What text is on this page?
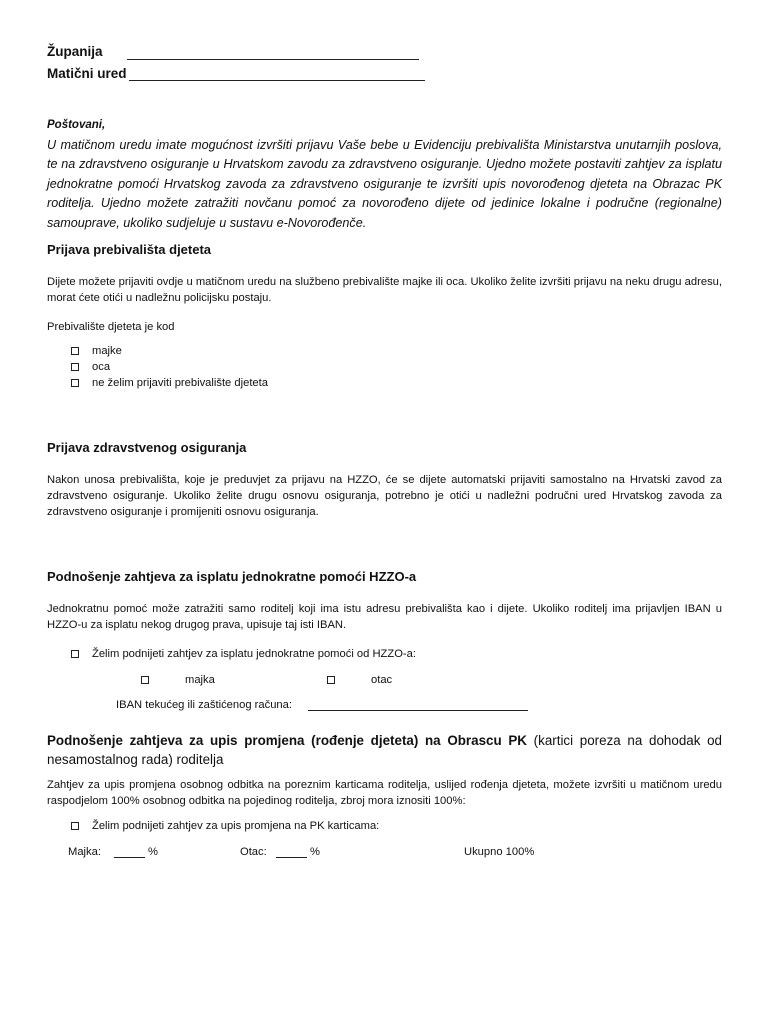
Županija
Matični ured
Poštovani,
U matičnom uredu imate mogućnost izvršiti prijavu Vaše bebe u Evidenciju prebivališta Ministarstva unutarnjih poslova, te na zdravstveno osiguranje u Hrvatskom zavodu za zdravstveno osiguranje. Ujedno možete postaviti zahtjev za isplatu jednokratne pomoći Hrvatskog zavoda za zdravstveno osiguranje te izvršiti upis novorođenog djeteta na Obrazac PK roditelja. Ujedno možete zatražiti novčanu pomoć za novorođeno dijete od jedinice lokalne i područne (regionalne) samouprave, ukoliko sudjeluje u sustavu e-Novorođenče.
Prijava prebivališta djeteta
Dijete možete prijaviti ovdje u matičnom uredu na službeno prebivalište majke ili oca. Ukoliko želite izvršiti prijavu na neku drugu adresu, morat ćete otići u nadležnu policijsku postaju.
Prebivalište djeteta je kod
majke
oca
ne želim prijaviti prebivalište djeteta
Prijava zdravstvenog osiguranja
Nakon unosa prebivališta, koje je preduvjet za prijavu na HZZO, će se dijete automatski prijaviti samostalno na Hrvatski zavod za zdravstveno osiguranje. Ukoliko želite drugu osnovu osiguranja, potrebno je otići u nadležni područni ured Hrvatskog zavoda za zdravstveno osiguranje i promijeniti osnovu osiguranja.
Podnošenje zahtjeva za isplatu jednokratne pomoći HZZO-a
Jednokratnu pomoć može zatražiti samo roditelj koji ima istu adresu prebivališta kao i dijete. Ukoliko roditelj ima prijavljen IBAN u HZZO-u za isplatu nekog drugog prava, upisuje taj isti IBAN.
Želim podnijeti zahtjev za isplatu jednokratne pomoći od HZZO-a:
majka	otac
IBAN tekućeg ili zaštićenog računa:
Podnošenje zahtjeva za upis promjena (rođenje djeteta) na Obrascu PK (kartici poreza na dohodak od nesamostalnog rada) roditelja
Zahtjev za upis promjena osobnog odbitka na poreznim karticama roditelja, uslijed rođenja djeteta, možete izvršiti u matičnom uredu raspodjelom 100% osobnog odbitka na pojedinog roditelja, zbroj mora iznositi 100%:
Želim podnijeti zahtjev za upis promjena na PK karticama:
Majka:	%	Otac:	%	Ukupno 100%
